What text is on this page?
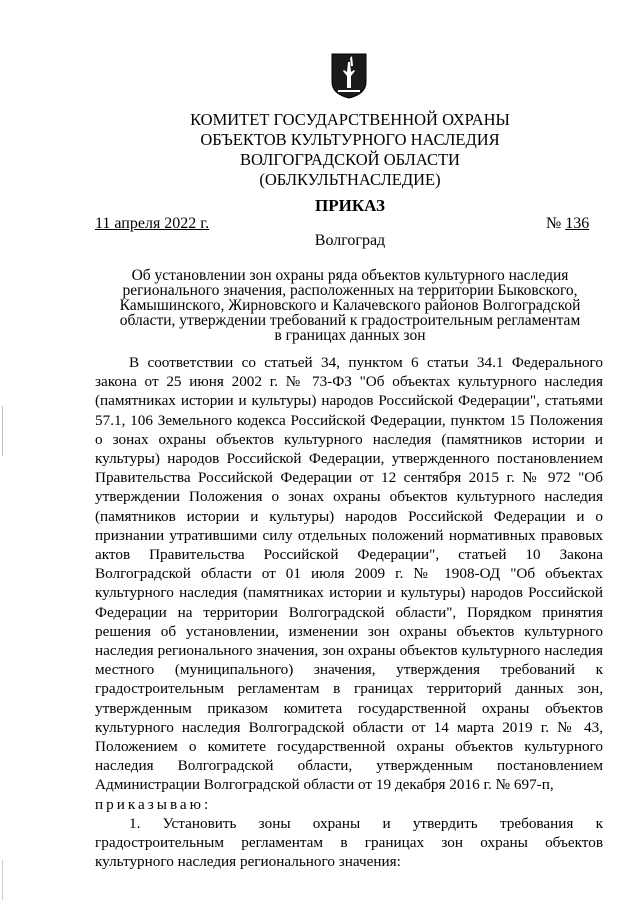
КОМИТЕТ ГОСУДАРСТВЕННОЙ ОХРАНЫ
ОБЪЕКТОВ КУЛЬТУРНОГО НАСЛЕДИЯ
ВОЛГОГРАДСКОЙ ОБЛАСТИ
(ОБЛКУЛЬТНАСЛЕДИЕ)
ПРИКАЗ
11 апреля 2022 г.	№ 136
Волгоград
Об установлении зон охраны ряда объектов культурного наследия
регионального значения, расположенных на территории Быковского,
Камышинского, Жирновского и Калачевского районов Волгоградской
области, утверждении требований к градостроительным регламентам
в границах данных зон

В соответствии со статьей 34, пунктом 6 статьи 34.1 Федерального закона от 25 июня 2002 г. № 73-ФЗ "Об объектах культурного наследия (памятниках истории и культуры) народов Российской Федерации", статьями 57.1, 106 Земельного кодекса Российской Федерации, пунктом 15 Положения о зонах охраны объектов культурного наследия (памятников истории и культуры) народов Российской Федерации, утвержденного постановлением Правительства Российской Федерации от 12 сентября 2015 г. № 972 "Об утверждении Положения о зонах охраны объектов культурного наследия (памятников истории и культуры) народов Российской Федерации и о признании утратившими силу отдельных положений нормативных правовых актов Правительства Российской Федерации", статьей 10 Закона Волгоградской области от 01 июля 2009 г. № 1908-ОД "Об объектах культурного наследия (памятниках истории и культуры) народов Российской Федерации на территории Волгоградской области", Порядком принятия решения об установлении, изменении зон охраны объектов культурного наследия регионального значения, зон охраны объектов культурного наследия местного (муниципального) значения, утверждения требований к градостроительным регламентам в границах территорий данных зон, утвержденным приказом комитета государственной охраны объектов культурного наследия Волгоградской области от 14 марта 2019 г. № 43, Положением о комитете государственной охраны объектов культурного наследия Волгоградской области, утвержденным постановлением Администрации Волгоградской области от 19 декабря 2016 г. № 697-п,

приказываю:

1. Установить зоны охраны и утвердить требования к градостроительным регламентам в границах зон охраны объектов культурного наследия регионального значения:
